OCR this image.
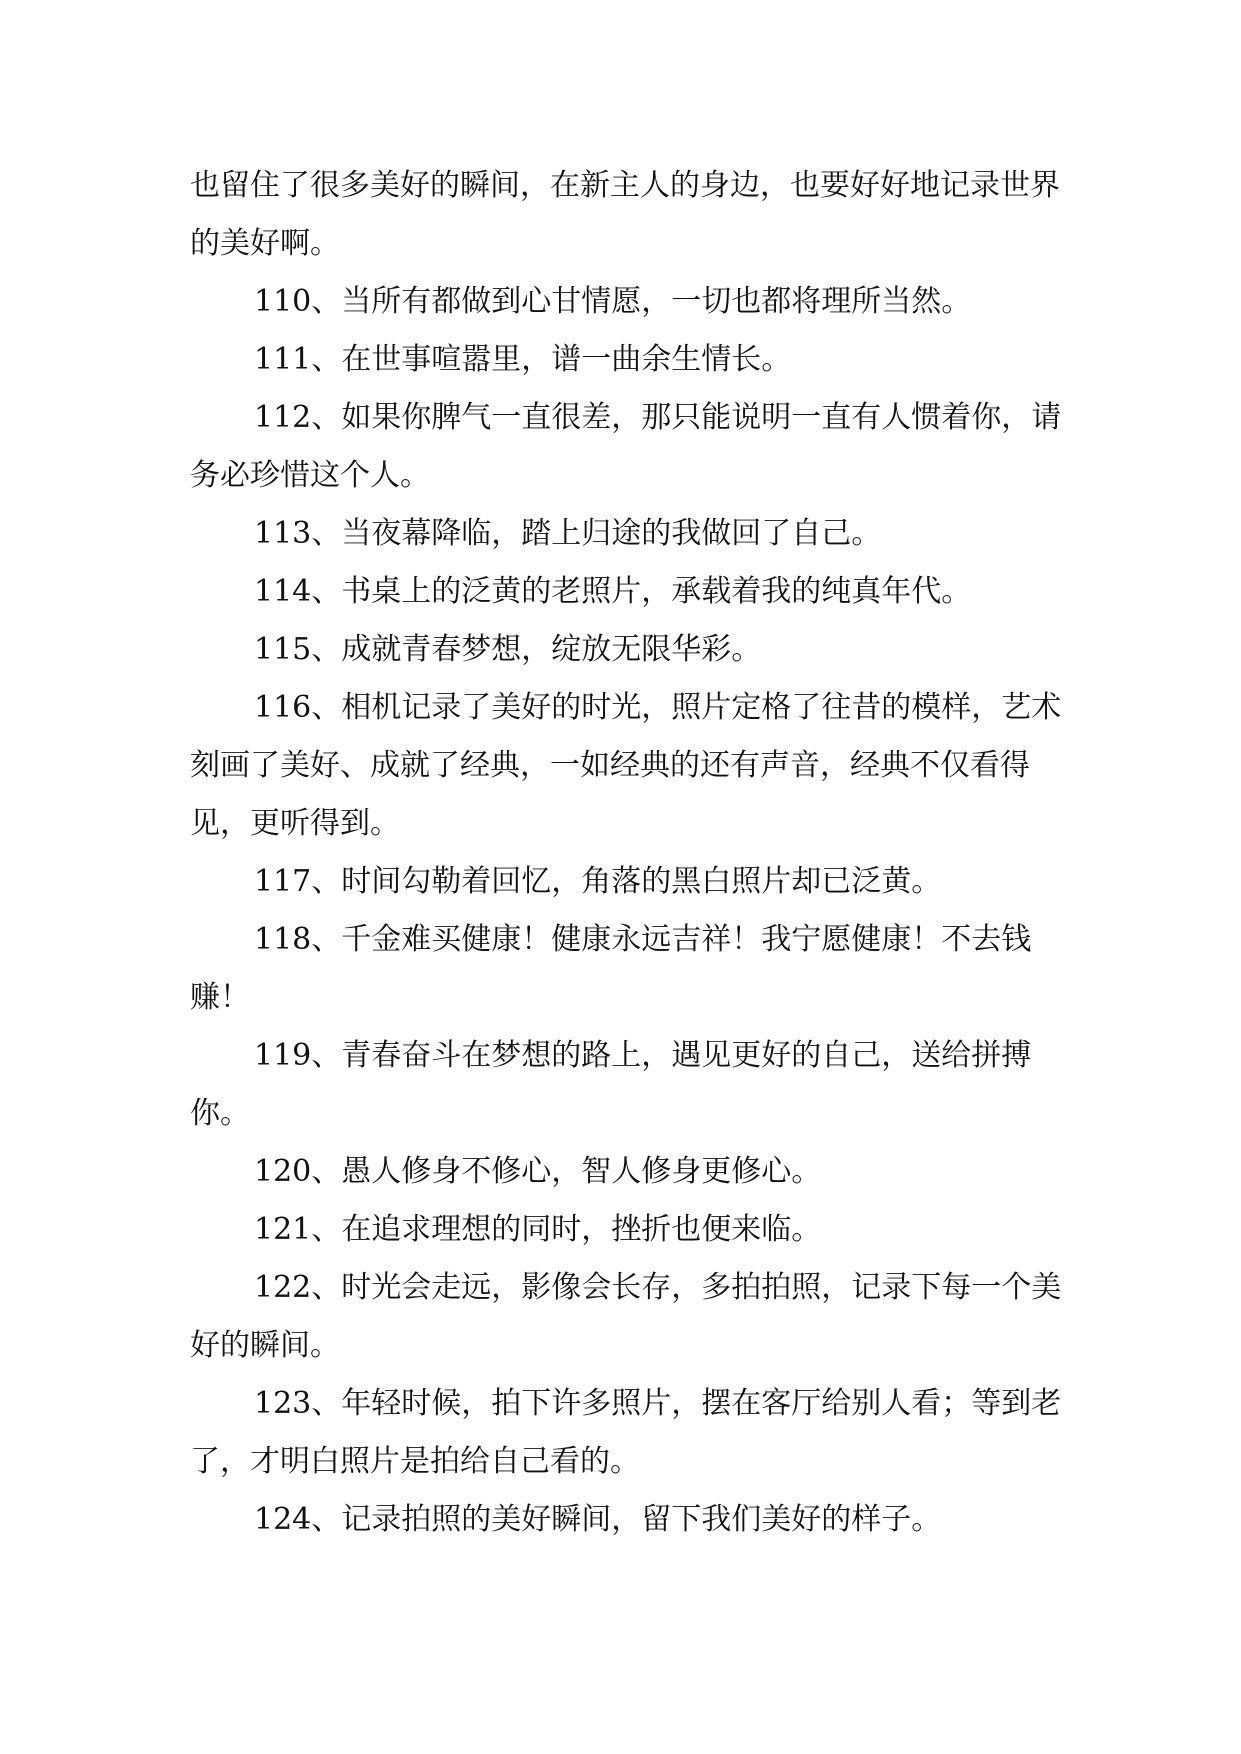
也留住了很多美好的瞬间，在新主人的身边，也要好好地记录世界的美好啊。

110、当所有都做到心甘情愿，一切也都将理所当然。

111、在世事喧嚣里，谱一曲余生情长。

112、如果你脾气一直很差，那只能说明一直有人惯着你，请务必珍惜这个人。

113、当夜幕降临，踏上归途的我做回了自己。

114、书桌上的泛黄的老照片，承载着我的纯真年代。

115、成就青春梦想，绽放无限华彩。

116、相机记录了美好的时光，照片定格了往昔的模样，艺术刻画了美好、成就了经典，一如经典的还有声音，经典不仅看得见，更听得到。

117、时间勾勒着回忆，角落的黑白照片却已泛黄。

118、千金难买健康！健康永远吉祥！我宁愿健康！不去钱赚！

119、青春奋斗在梦想的路上，遇见更好的自己，送给拼搏你。

120、愚人修身不修心，智人修身更修心。

121、在追求理想的同时，挫折也便来临。

122、时光会走远，影像会长存，多拍拍照，记录下每一个美好的瞬间。

123、年轻时候，拍下许多照片，摆在客厅给别人看；等到老了，才明白照片是拍给自己看的。

124、记录拍照的美好瞬间，留下我们美好的样子。
